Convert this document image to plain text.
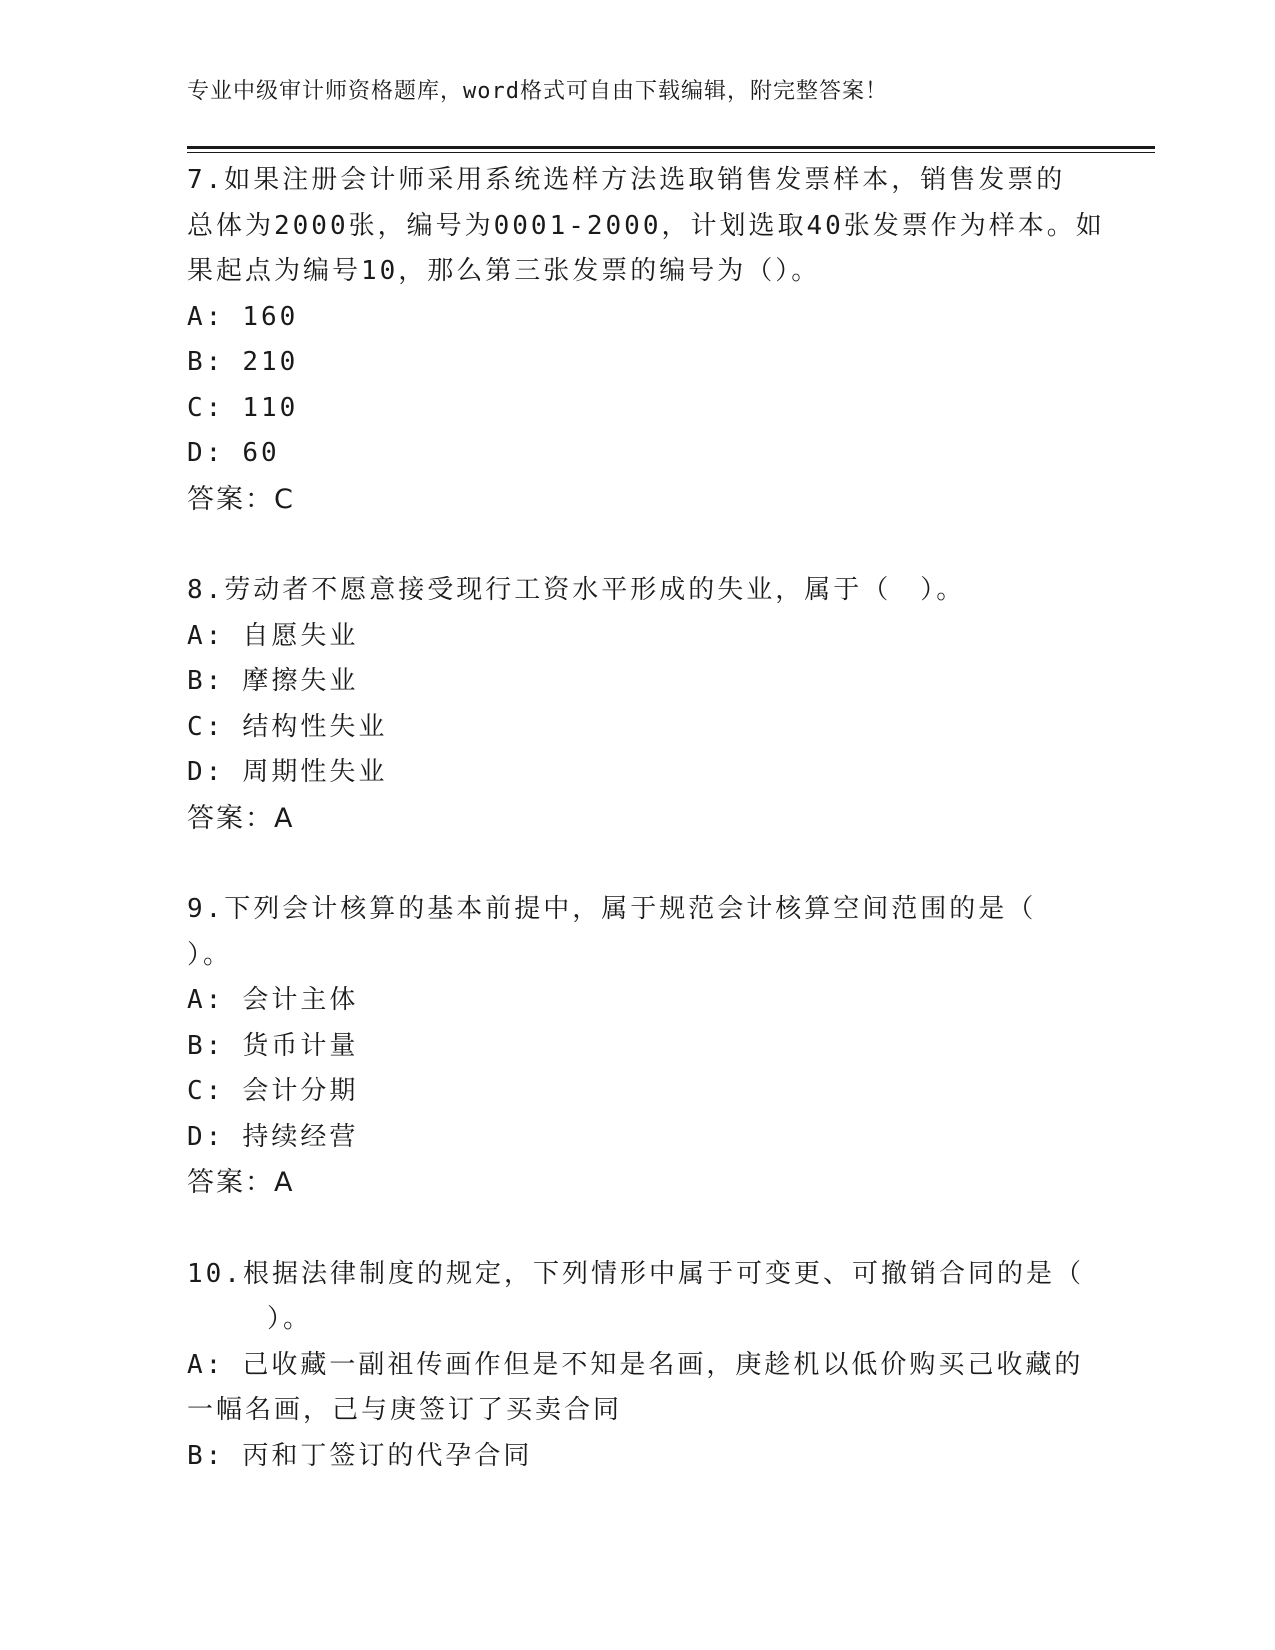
专业中级审计师资格题库，word格式可自由下载编辑，附完整答案！
7.如果注册会计师采用系统选样方法选取销售发票样本，销售发票的
总体为2000张，编号为0001-2000，计划选取40张发票作为样本。如
果起点为编号10，那么第三张发票的编号为（）。
A: 160
B: 210
C: 110
D: 60
答案：C
8.劳动者不愿意接受现行工资水平形成的失业，属于（　）。
A: 自愿失业
B: 摩擦失业
C: 结构性失业
D: 周期性失业
答案：A
9.下列会计核算的基本前提中，属于规范会计核算空间范围的是（
）。
A: 会计主体
B: 货币计量
C: 会计分期
D: 持续经营
答案：A
10.根据法律制度的规定，下列情形中属于可变更、可撤销合同的是（
）。
A: 己收藏一副祖传画作但是不知是名画，庚趁机以低价购买己收藏的
一幅名画，己与庚签订了买卖合同
B: 丙和丁签订的代孕合同
